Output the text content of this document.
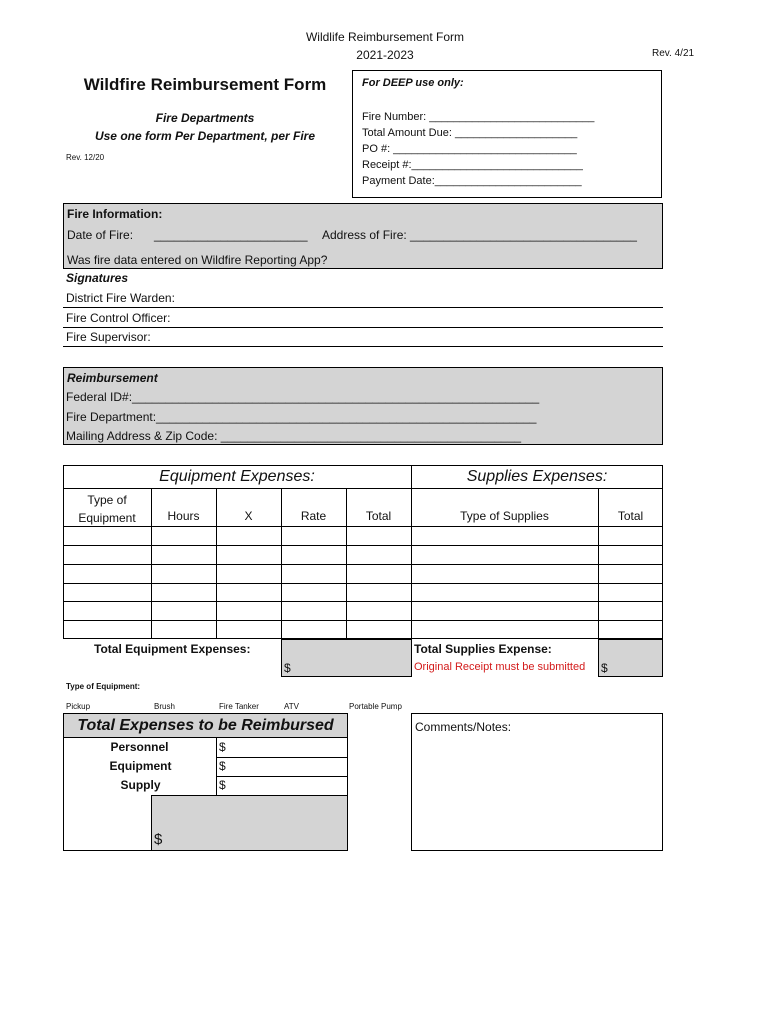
Wildlife Reimbursement Form
2021-2023	Rev. 4/21
Wildfire Reimbursement Form
Fire Departments
Use one form Per Department, per Fire
Rev. 12/20
For DEEP use only:
Fire Number: ___________________________
Total Amount Due: ____________________
PO #: ______________________________
Receipt #:____________________________
Payment Date:________________________
Fire Information:
Date of Fire: _______________________ Address of Fire: __________________________________
Was fire data entered on Wildfire Reporting App?
Signatures
District Fire Warden:
Fire Control Officer:
Fire Supervisor:
Reimbursement
Federal ID#:_____________________________________________________________
Fire Department:_________________________________________________________
Mailing Address & Zip Code: _____________________________________________
Equipment Expenses:	Supplies Expenses:
Type of
Equipment	Hours	X	Rate	Total	Type of Supplies	Total
Total Equipment Expenses:
$
Total Supplies Expense:
Original Receipt must be submitted $
Type of Equipment:
Pickup	Brush	Fire Tanker	ATV	Portable Pump
Total Expenses to be Reimbursed
Personnel	$
Equipment	$
Supply	$
$
Comments/Notes:
